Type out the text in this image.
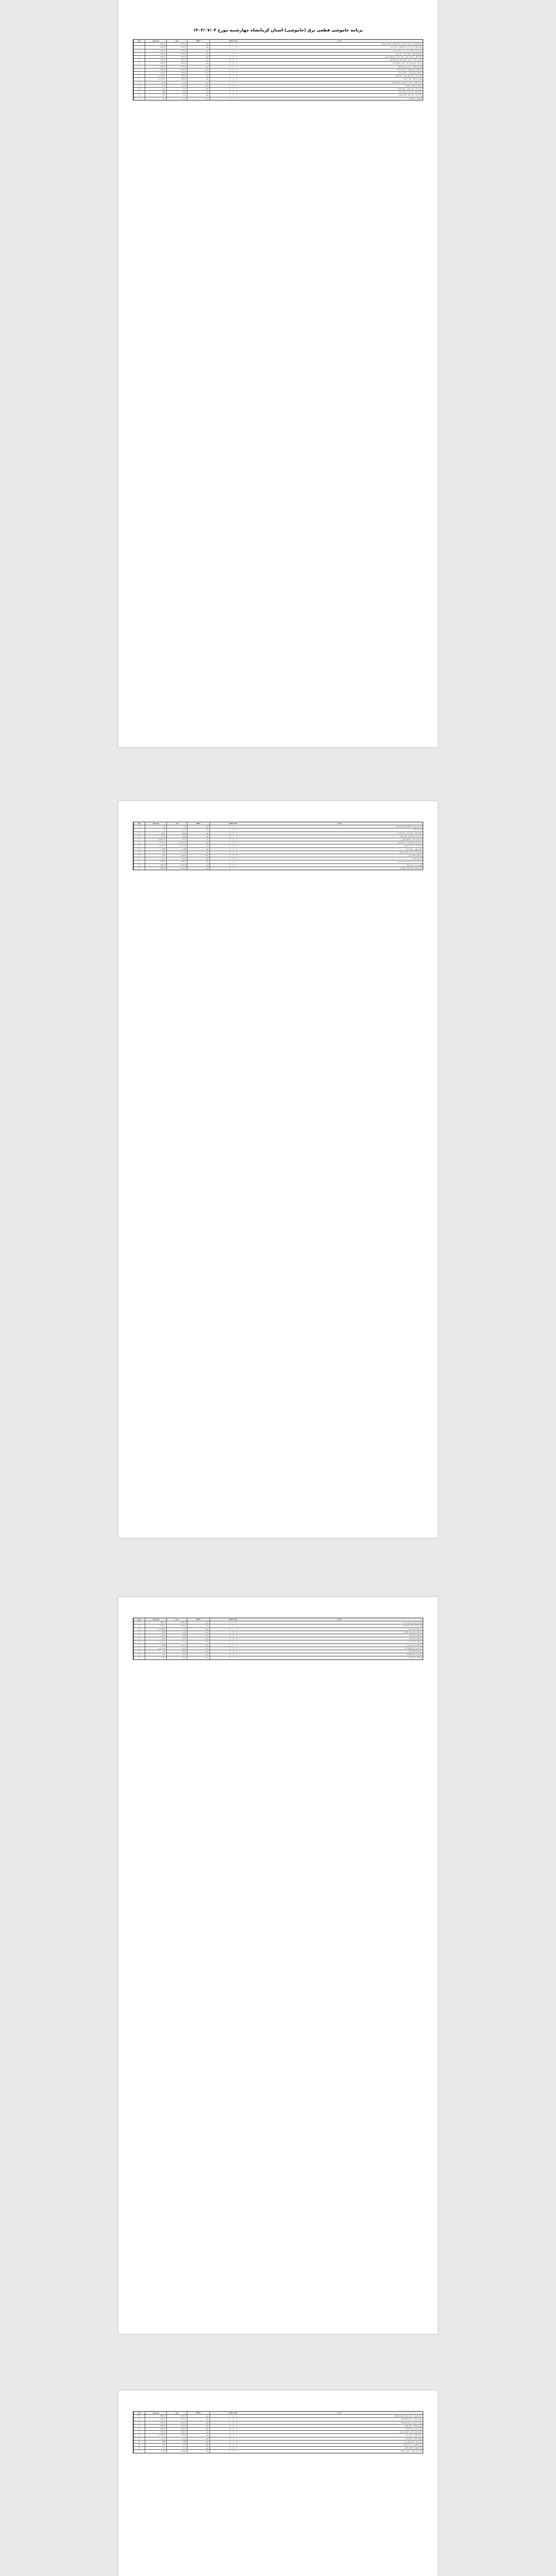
برنامه خاموشی قطعی برق (خاموشی) استان کرمانشاه چهارشنبه مورخ ۱۴۰۳/۰۷/۰۴
ردیف	شهرستان	شهر	منطقه	ساعت قطعی	آدرس
۱	کرمانشاه	کرمانشاه	شهر	۰۸:۰۰ تا ۱۰:۰۰	بلوار طاق‌بستان - خیابان دبیر اعظم - محله فرهنگیان - کوچه‌های اطراف
۲	کرمانشاه	کرمانشاه	شهر	۰۸:۰۰ تا ۱۰:۰۰	شهرک الهیه - فاز یک و دو - بلوار گلستان - خیابان سعدی
۳	کرمانشاه	کرمانشاه	شهر	۱۰:۰۰ تا ۱۲:۰۰	میدان آزادی - خیابان مدرس - بازار - کوچه‌های فرعی
۴	کرمانشاه	کرمانشاه	شهر	۱۰:۰۰ تا ۱۲:۰۰	بلوار شهید بهشتی - شهرک معلم - خیابان نوبهار
۵	کرمانشاه	کرمانشاه	شهر	۱۲:۰۰ تا ۱۴:۰۰	شهرک ظفر - خیابان ۲۲ بهمن - محله جعفرآباد - بلوار شهید کشوری
۶	کرمانشاه	کرمانشاه	شهر	۱۲:۰۰ تا ۱۴:۰۰	کسری - خیابان ۳۰ متری - شهرک شاهد - کوچه‌های اطراف
۷	کرمانشاه	کرمانشاه	شهر	۱۴:۰۰ تا ۱۶:۰۰	دولت‌آباد - بلوار شهید رجایی - خیابان مصطفی امامی
۸	کرمانشاه	کرمانشاه	شهر	۱۴:۰۰ تا ۱۶:۰۰	شهرک فرهنگیان - خیابان بهار - کوچه گلها
۹	کرمانشاه	کرمانشاه	روستا	۰۸:۰۰ تا ۱۰:۰۰	روستاهای بخش فیروزآباد - دهستان میان‌دربند
۱۰	کرمانشاه	کرمانشاه	روستا	۱۰:۰۰ تا ۱۲:۰۰	روستاهای بخش کوزران - دهستان سنجابی
۱۱	اسلام‌آباد غرب	اسلام‌آباد	شهر	۰۸:۰۰ تا ۱۰:۰۰	خیابان امام - خیابان شهید بهشتی - میدان شهدا
۱۲	اسلام‌آباد غرب	اسلام‌آباد	شهر	۱۲:۰۰ تا ۱۴:۰۰	شهرک فرهنگیان - بلوار ۲۲ بهمن
۱۳	هرسین	هرسین	شهر	۱۰:۰۰ تا ۱۲:۰۰	خیابان طالقانی - خیابان ۱۷ شهریور - کوچه‌های اطراف
۱۴	هرسین	هرسین	روستا	۱۴:۰۰ تا ۱۶:۰۰	روستاهای دهستان چشمه‌کبود
۱۵	صحنه	صحنه	شهر	۰۸:۰۰ تا ۱۰:۰۰	خیابان امام - بلوار جانبازان - شهرک ولیعصر
۱۶	کنگاور	کنگاور	شهر	۱۲:۰۰ تا ۱۴:۰۰	خیابان آناهیتا - میدان امام - خیابان ساحلی
۱۷	سنقر	سنقر	شهر	۱۰:۰۰ تا ۱۲:۰۰	خیابان امام - خیابان شهدا - شهرک بهاران
۱۸	سنقر	سنقر	روستا	۱۴:۰۰ تا ۱۶:۰۰	روستاهای بخش کلیایی
ردیف	شهرستان	شهر	منطقه	ساعت قطعی	آدرس
۱۹	پاوه	پاوه	شهر	۰۸:۰۰ تا ۱۰:۰۰	خیابان جمهوری - محله قلعه - کوچه‌های اطراف
۲۰	پاوه	نوسود	شهر	۱۰:۰۰ تا ۱۲:۰۰	کل شهر نوسود
۲۱	جوانرود	جوانرود	شهر	۱۲:۰۰ تا ۱۴:۰۰	خیابان انقلاب - خیابان امام - محله شریف‌آباد
۲۲	روانسر	روانسر	شهر	۰۸:۰۰ تا ۱۰:۰۰	خیابان امام - بلوار آزادی - شهرک سراب
۲۳	ثلاث باباجانی	تازه‌آباد	شهر	۱۴:۰۰ تا ۱۶:۰۰	کل شهر تازه‌آباد و روستاهای اطراف
۲۴	سرپل ذهاب	سرپل ذهاب	شهر	۱۰:۰۰ تا ۱۲:۰۰	خیابان امام - شهرک ولیعصر - خیابان شهدا
۲۵	قصر شیرین	قصر شیرین	شهر	۱۲:۰۰ تا ۱۴:۰۰	خیابان امام - خیابان ۱۷ شهریور
۲۶	گیلانغرب	گیلانغرب	شهر	۰۸:۰۰ تا ۱۰:۰۰	بلوار جمهوری - خیابان آزادی
۲۷	دالاهو	کرند غرب	شهر	۱۴:۰۰ تا ۱۶:۰۰	خیابان امام - محله بالا - کوچه‌های اطراف
۲۸	صحنه	میانراهان	روستا	۱۰:۰۰ تا ۱۲:۰۰	روستاهای دهستان دینور
۲۹	هرسین	بیستون	شهر	۱۲:۰۰ تا ۱۴:۰۰	کل شهر بیستون
۳۰	کرمانشاه	کرمانشاه	شهر	۱۶:۰۰ تا ۱۸:۰۰	خیابان فردوسی - خیابان حافظ - محله چنانی
۳۱	کرمانشاه	کرمانشاه	شهر	۱۶:۰۰ تا ۱۸:۰۰	شهرک پردیس - بلوار نوبهار
۳۲	کرمانشاه	کرمانشاه	شهر	۱۸:۰۰ تا ۲۰:۰۰	خیابان سیلو - خیابان کارگر - شهرک نفت
ردیف	شهرستان	شهر	منطقه	ساعت قطعی	آدرس
۳۳	کرمانشاه	کرمانشاه	شهر	۱۸:۰۰ تا ۲۰:۰۰	شهرک مسکن - بلوار شهید زمانی
۳۴	کرمانشاه	کرمانشاه	شهر	۲۰:۰۰ تا ۲۲:۰۰	بلوار جانبازان - شهرک باغ ابریشم
۳۵	اسلام‌آباد غرب	حمیل	روستا	۰۸:۰۰ تا ۱۰:۰۰	روستاهای دهستان حمیل
۳۶	کنگاور	گودین	روستا	۱۰:۰۰ تا ۱۲:۰۰	روستاهای بخش مرکزی کنگاور
۳۷	جوانرود	کلاشی	روستا	۱۲:۰۰ تا ۱۴:۰۰	روستاهای بخش کلاشی
۳۸	روانسر	شاهو	روستا	۱۴:۰۰ تا ۱۶:۰۰	روستاهای بخش شاهو
۳۹	سرپل ذهاب	ریجاب	روستا	۰۸:۰۰ تا ۱۰:۰۰	روستاهای دهستان ریجاب
۴۰	گیلانغرب	سرمست	روستا	۱۰:۰۰ تا ۱۲:۰۰	روستاهای دهستان سرمست
۴۱	قصر شیرین	سومار	روستا	۱۲:۰۰ تا ۱۴:۰۰	بخش سومار و روستاهای تابعه
۴۲	پاوه	باینگان	روستا	۱۴:۰۰ تا ۱۶:۰۰	روستاهای بخش باینگان
۴۳	صحنه	صحنه	روستا	۱۶:۰۰ تا ۱۸:۰۰	روستاهای دهستان گاماسیاب
۴۴	سنقر	فرامان	روستا	۱۸:۰۰ تا ۲۰:۰۰	روستاهای بخش فرامان
ردیف	شهرستان	شهر	منطقه	ساعت قطعی	آدرس
۴۵	کرمانشاه	کرمانشاه	شهر	۰۸:۰۰ تا ۱۰:۰۰	خیابان شریعتی - خیابان سعدی - کوچه‌های اطراف
۴۶	کرمانشاه	کرمانشاه	شهر	۱۰:۰۰ تا ۱۲:۰۰	شهرک رسالت - بلوار آیت‌الله کاشانی
۴۷	کرمانشاه	کرمانشاه	شهر	۱۲:۰۰ تا ۱۴:۰۰	شهرک دادگستری - بلوار شهید بهشتی
۴۸	کرمانشاه	کرمانشاه	شهر	۱۴:۰۰ تا ۱۶:۰۰	شهرک حافظیه - خیابان مطهری
۴۹	کرمانشاه	کرمانشاه	شهر	۱۶:۰۰ تا ۱۸:۰۰	میدان مرکزی - خیابان کاشانی
۵۰	کرمانشاه	کرمانشاه	شهر	۱۸:۰۰ تا ۲۰:۰۰	شهرک شهید صدوقی - کوچه‌های اطراف
۵۱	اسلام‌آباد غرب	اسلام‌آباد	شهر	۱۴:۰۰ تا ۱۶:۰۰	خیابان طالقانی - خیابان بسیج
۵۲	هرسین	هرسین	شهر	۱۶:۰۰ تا ۱۸:۰۰	شهرک ولیعصر - خیابان آزادی
۵۳	کنگاور	کنگاور	شهر	۰۸:۰۰ تا ۱۰:۰۰	بلوار معلم - خیابان شهید رجایی
۵۴	سنقر	سنقر	شهر	۱۲:۰۰ تا ۱۴:۰۰	خیابان طالقانی - محله سید محمد
۵۵	صحنه	صحنه	شهر	۱۴:۰۰ تا ۱۶:۰۰	خیابان شهدا - کوچه‌های اطراف
۵۶	جوانرود	جوانرود	شهر	۱۶:۰۰ تا ۱۸:۰۰	خیابان شهید بهشتی - شهرک فرهنگیان
